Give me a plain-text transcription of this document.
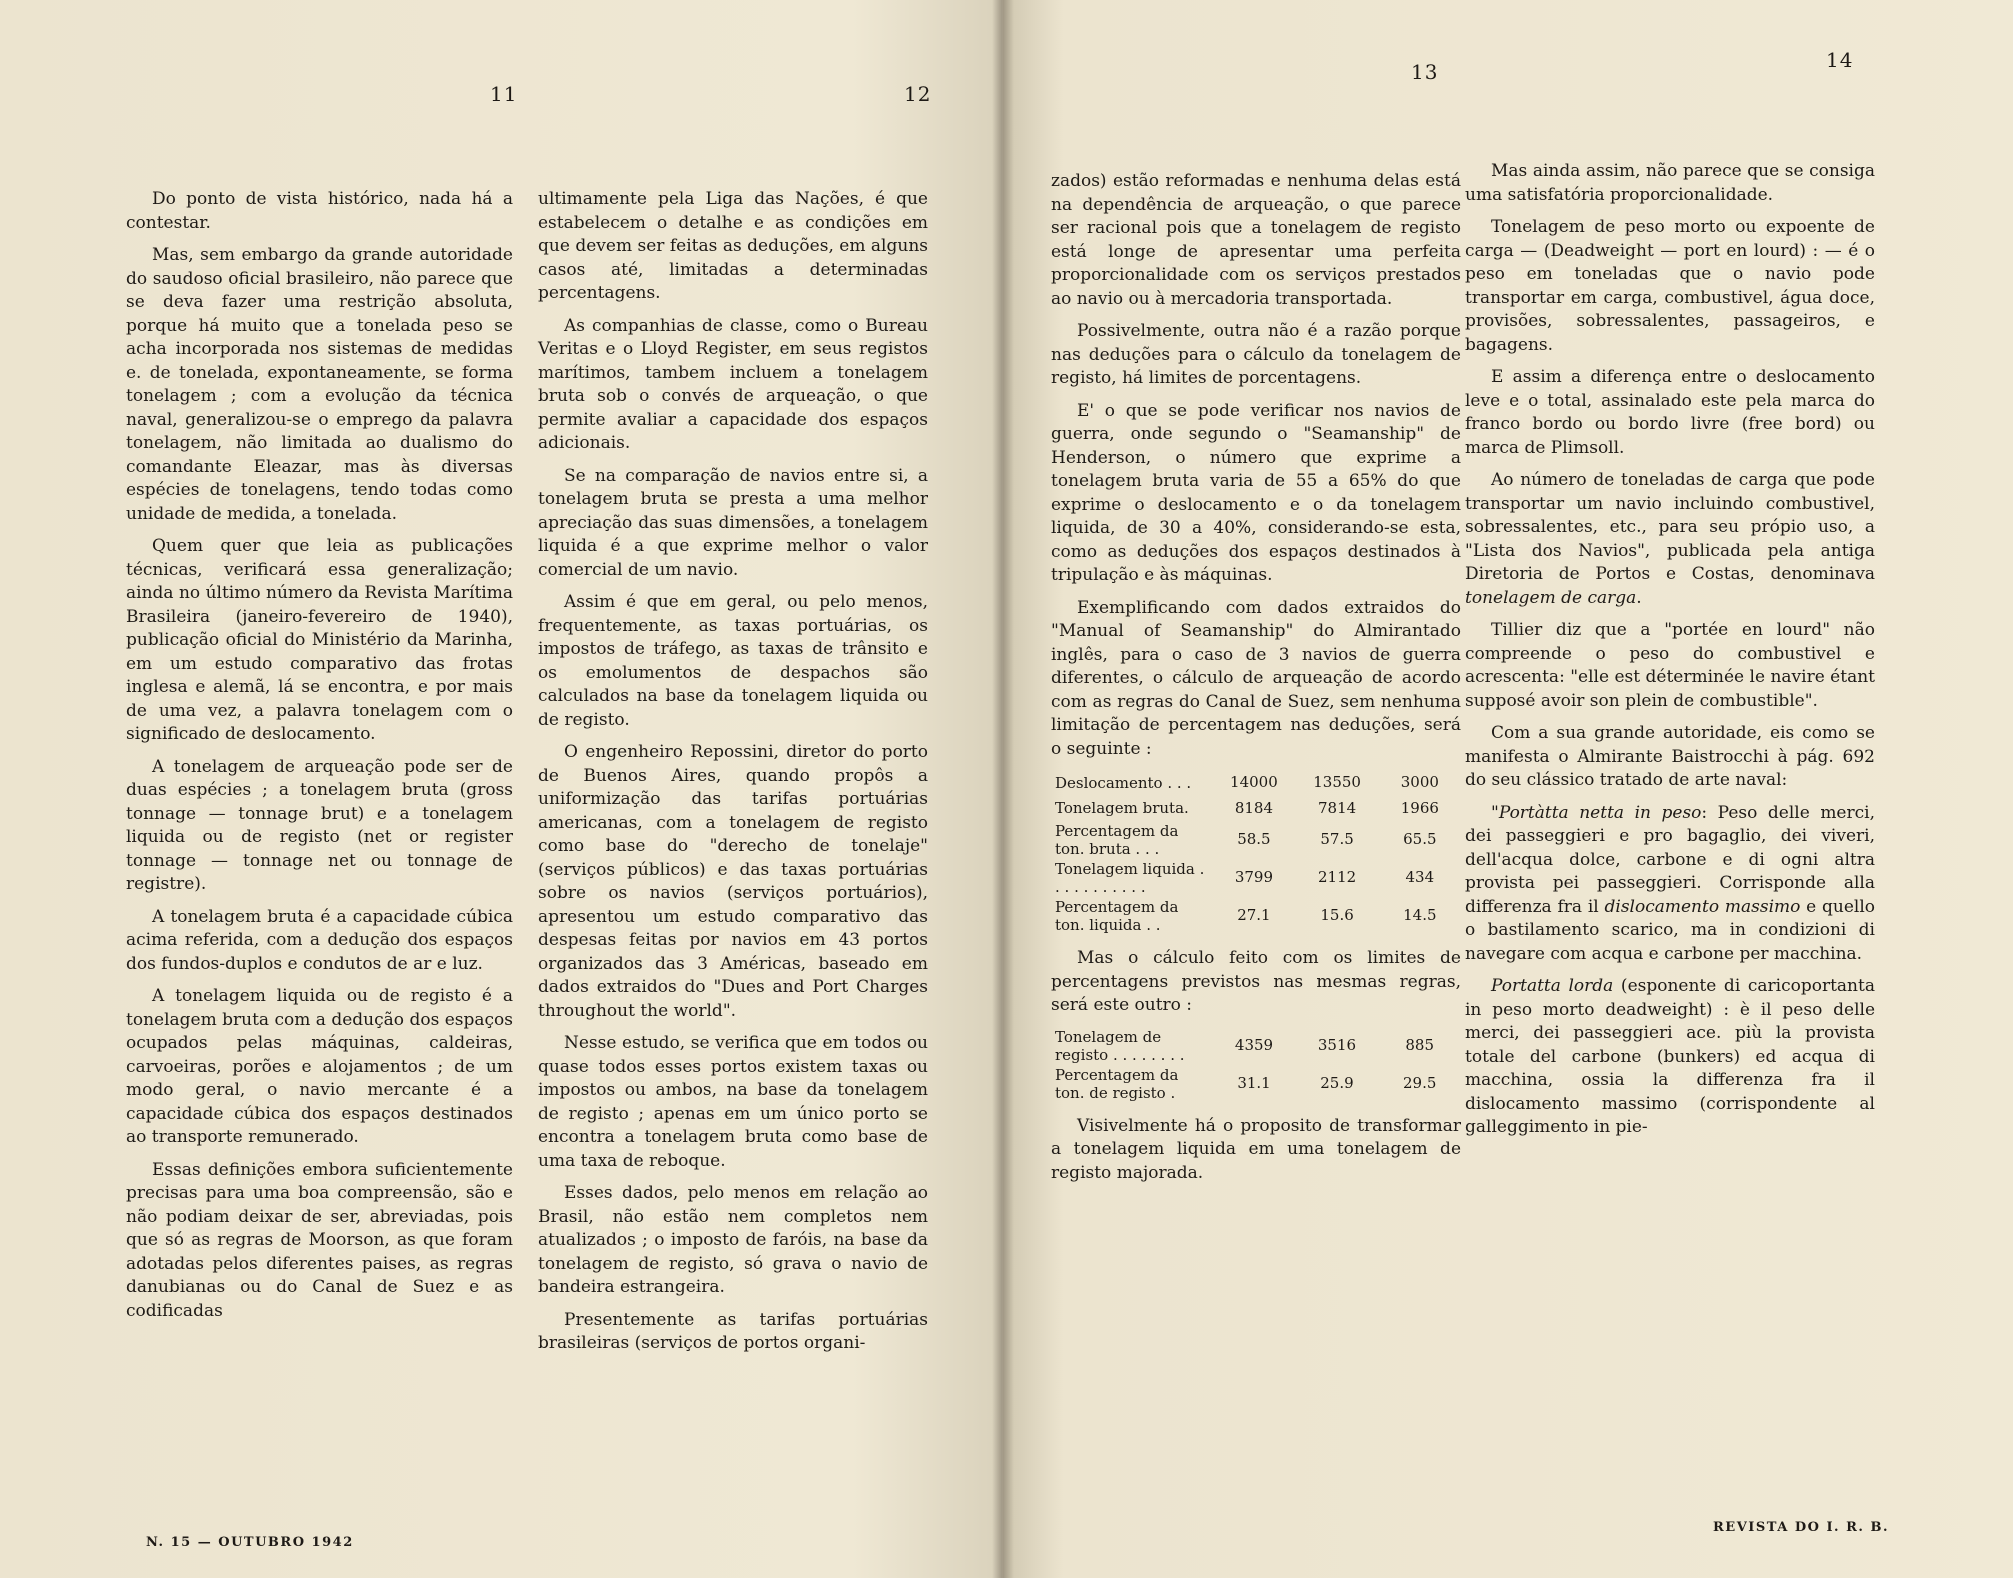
11	12
13	14

Do ponto de vista histórico, nada há a contestar.

Mas, sem embargo da grande autoridade do saudoso oficial brasileiro, não parece que se deva fazer uma restrição absoluta, porque há muito que a tonelada peso se acha incorporada nos sistemas de medidas e. de tonelada, expontaneamente, se forma tonelagem ; com a evolução da técnica naval, generalizou-se o emprego da palavra tonelagem, não limitada ao dualismo do comandante Eleazar, mas às diversas espécies de tonelagens, tendo todas como unidade de medida, a tonelada.

Quem quer que leia as publicações técnicas, verificará essa generalização; ainda no último número da Revista Marítima Brasileira (janeiro-fevereiro de 1940), publicação oficial do Ministério da Marinha, em um estudo comparativo das frotas inglesa e alemã, lá se encontra, e por mais de uma vez, a palavra tonelagem com o significado de deslocamento.

A tonelagem de arqueação pode ser de duas espécies ; a tonelagem bruta (gross tonnage — tonnage brut) e a tonelagem liquida ou de registo (net or register tonnage — tonnage net ou tonnage de registre).

A tonelagem bruta é a capacidade cúbica acima referida, com a dedução dos espaços dos fundos-duplos e condutos de ar e luz.

A tonelagem liquida ou de registo é a tonelagem bruta com a dedução dos espaços ocupados pelas máquinas, caldeiras, carvoeiras, porões e alojamentos ; de um modo geral, o navio mercante é a capacidade cúbica dos espaços destinados ao transporte remunerado.

Essas definições embora suficientemente precisas para uma boa compreensão, são e não podiam deixar de ser, abreviadas, pois que só as regras de Moorson, as que foram adotadas pelos diferentes paises, as regras danubianas ou do Canal de Suez e as codificadas

ultimamente pela Liga das Nações, é que estabelecem o detalhe e as condições em que devem ser feitas as deduções, em alguns casos até, limitadas a determinadas percentagens.

As companhias de classe, como o Bureau Veritas e o Lloyd Register, em seus registos marítimos, tambem incluem a tonelagem bruta sob o convés de arqueação, o que permite avaliar a capacidade dos espaços adicionais.

Se na comparação de navios entre si, a tonelagem bruta se presta a uma melhor apreciação das suas dimensões, a tonelagem liquida é a que exprime melhor o valor comercial de um navio.

Assim é que em geral, ou pelo menos, frequentemente, as taxas portuárias, os impostos de tráfego, as taxas de trânsito e os emolumentos de despachos são calculados na base da tonelagem liquida ou de registo.

O engenheiro Repossini, diretor do porto de Buenos Aires, quando propôs a uniformização das tarifas portuárias americanas, com a tonelagem de registo como base do "derecho de tonelaje" (serviços públicos) e das taxas portuárias sobre os navios (serviços portuários), apresentou um estudo comparativo das despesas feitas por navios em 43 portos organizados das 3 Américas, baseado em dados extraidos do "Dues and Port Charges throughout the world".

Nesse estudo, se verifica que em todos ou quase todos esses portos existem taxas ou impostos ou ambos, na base da tonelagem de registo ; apenas em um único porto se encontra a tonelagem bruta como base de uma taxa de reboque.

Esses dados, pelo menos em relação ao Brasil, não estão nem completos nem atualizados ; o imposto de faróis, na base da tonelagem de registo, só grava o navio de bandeira estrangeira.

Presentemente as tarifas portuárias brasileiras (serviços de portos organi-

zados) estão reformadas e nenhuma delas está na dependência de arqueação, o que parece ser racional pois que a tonelagem de registo está longe de apresentar uma perfeita proporcionalidade com os serviços prestados ao navio ou à mercadoria transportada.

Possivelmente, outra não é a razão porque nas deduções para o cálculo da tonelagem de registo, há limites de porcentagens.

E' o que se pode verificar nos navios de guerra, onde segundo o "Seamanship" de Henderson, o número que exprime a tonelagem bruta varia de 55 a 65% do que exprime o deslocamento e o da tonelagem liquida, de 30 a 40%, considerando-se esta, como as deduções dos espaços destinados à tripulação e às máquinas.

Exemplificando com dados extraidos do "Manual of Seamanship" do Almirantado inglês, para o caso de 3 navios de guerra diferentes, o cálculo de arqueação de acordo com as regras do Canal de Suez, sem nenhuma limitação de percentagem nas deduções, será o seguinte :

Deslocamento . . .	14000	13550	3000
Tonelagem bruta.	8184	7814	1966
Percentagem da ton. bruta . . .	58.5	57.5	65.5
Tonelagem liquida . . . . . . . . . . .	3799	2112	434
Percentagem da ton. liquida . .	27.1	15.6	14.5

Mas o cálculo feito com os limites de percentagens previstos nas mesmas regras, será este outro :

Tonelagem de registo . . . . . . . .	4359	3516	885
Percentagem da ton. de registo .	31.1	25.9	29.5

Visivelmente há o proposito de transformar a tonelagem liquida em uma tonelagem de registo majorada.

Mas ainda assim, não parece que se consiga uma satisfatória proporcionalidade.

Tonelagem de peso morto ou expoente de carga — (Deadweight — port en lourd) : — é o peso em toneladas que o navio pode transportar em carga, combustivel, água doce, provisões, sobressalentes, passageiros, e bagagens.

E assim a diferença entre o deslocamento leve e o total, assinalado este pela marca do franco bordo ou bordo livre (free bord) ou marca de Plimsoll.

Ao número de toneladas de carga que pode transportar um navio incluindo combustivel, sobressalentes, etc., para seu própio uso, a "Lista dos Navios", publicada pela antiga Diretoria de Portos e Costas, denominava tonelagem de carga.

Tillier diz que a "portée en lourd" não compreende o peso do combustivel e acrescenta: "elle est déterminée le navire étant supposé avoir son plein de combustible".

Com a sua grande autoridade, eis como se manifesta o Almirante Baistrocchi à pág. 692 do seu clássico tratado de arte naval:

"Portàtta netta in peso: Peso delle merci, dei passeggieri e pro bagaglio, dei viveri, dell'acqua dolce, carbone e di ogni altra provista pei passeggieri. Corrisponde alla differenza fra il dislocamento massimo e quello o bastilamento scarico, ma in condizioni di navegare com acqua e carbone per macchina.

Portatta lorda (esponente di caricoportanta in peso morto deadweight) : è il peso delle merci, dei passeggieri ace. più la provista totale del carbone (bunkers) ed acqua di macchina, ossia la differenza fra il dislocamento massimo (corrispondente al galleggimento in pie-

N. 15 — OUTUBRO 1942
REVISTA DO I. R. B.
